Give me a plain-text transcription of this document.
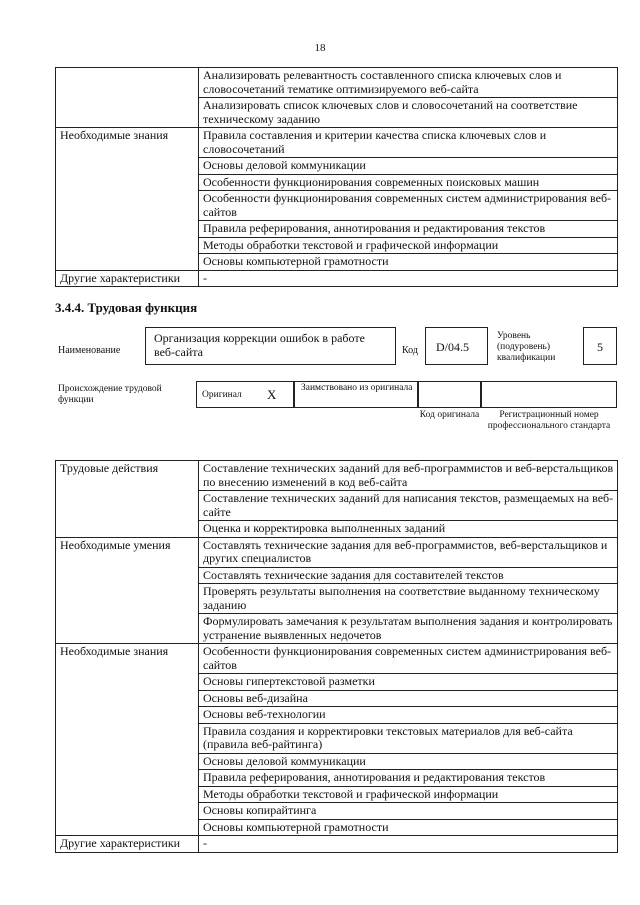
18
	Анализировать релевантность составленного списка ключевых слов и словосочетаний тематике оптимизируемого веб-сайта
	Анализировать список ключевых слов и словосочетаний на соответствие техническому заданию
Необходимые знания	Правила составления и критерии качества списка ключевых слов и словосочетаний
	Основы деловой коммуникации
	Особенности функционирования современных поисковых машин
	Особенности функционирования современных систем администрирования веб-сайтов
	Правила реферирования, аннотирования и редактирования текстов
	Методы обработки текстовой и графической информации
	Основы компьютерной грамотности
Другие характеристики	-
3.4.4. Трудовая функция
Наименование
Организация коррекции ошибок в работе веб-сайта	Код	D/04.5
Уровень (подуровень) квалификации
5
Происхождение трудовой функции	Оригинал X	Заимствовано из оригинала
Код оригинала	Регистрационный номер профессионального стандарта
Трудовые действия	Составление технических заданий для веб-программистов и веб-верстальщиков по внесению изменений в код веб-сайта
	Составление технических заданий для написания текстов, размещаемых на веб-сайте
	Оценка и корректировка выполненных заданий
Необходимые умения	Составлять технические задания для веб-программистов, веб-верстальщиков и других специалистов
	Составлять технические задания для составителей текстов
	Проверять результаты выполнения на соответствие выданному техническому заданию
	Формулировать замечания к результатам выполнения задания и контролировать устранение выявленных недочетов
Необходимые знания	Особенности функционирования современных систем администрирования веб-сайтов
	Основы гипертекстовой разметки
	Основы веб-дизайна
	Основы веб-технологии
	Правила создания и корректировки текстовых материалов для веб-сайта (правила веб-райтинга)
	Основы деловой коммуникации
	Правила реферирования, аннотирования и редактирования текстов
	Методы обработки текстовой и графической информации
	Основы копирайтинга
	Основы компьютерной грамотности
Другие характеристики	-
